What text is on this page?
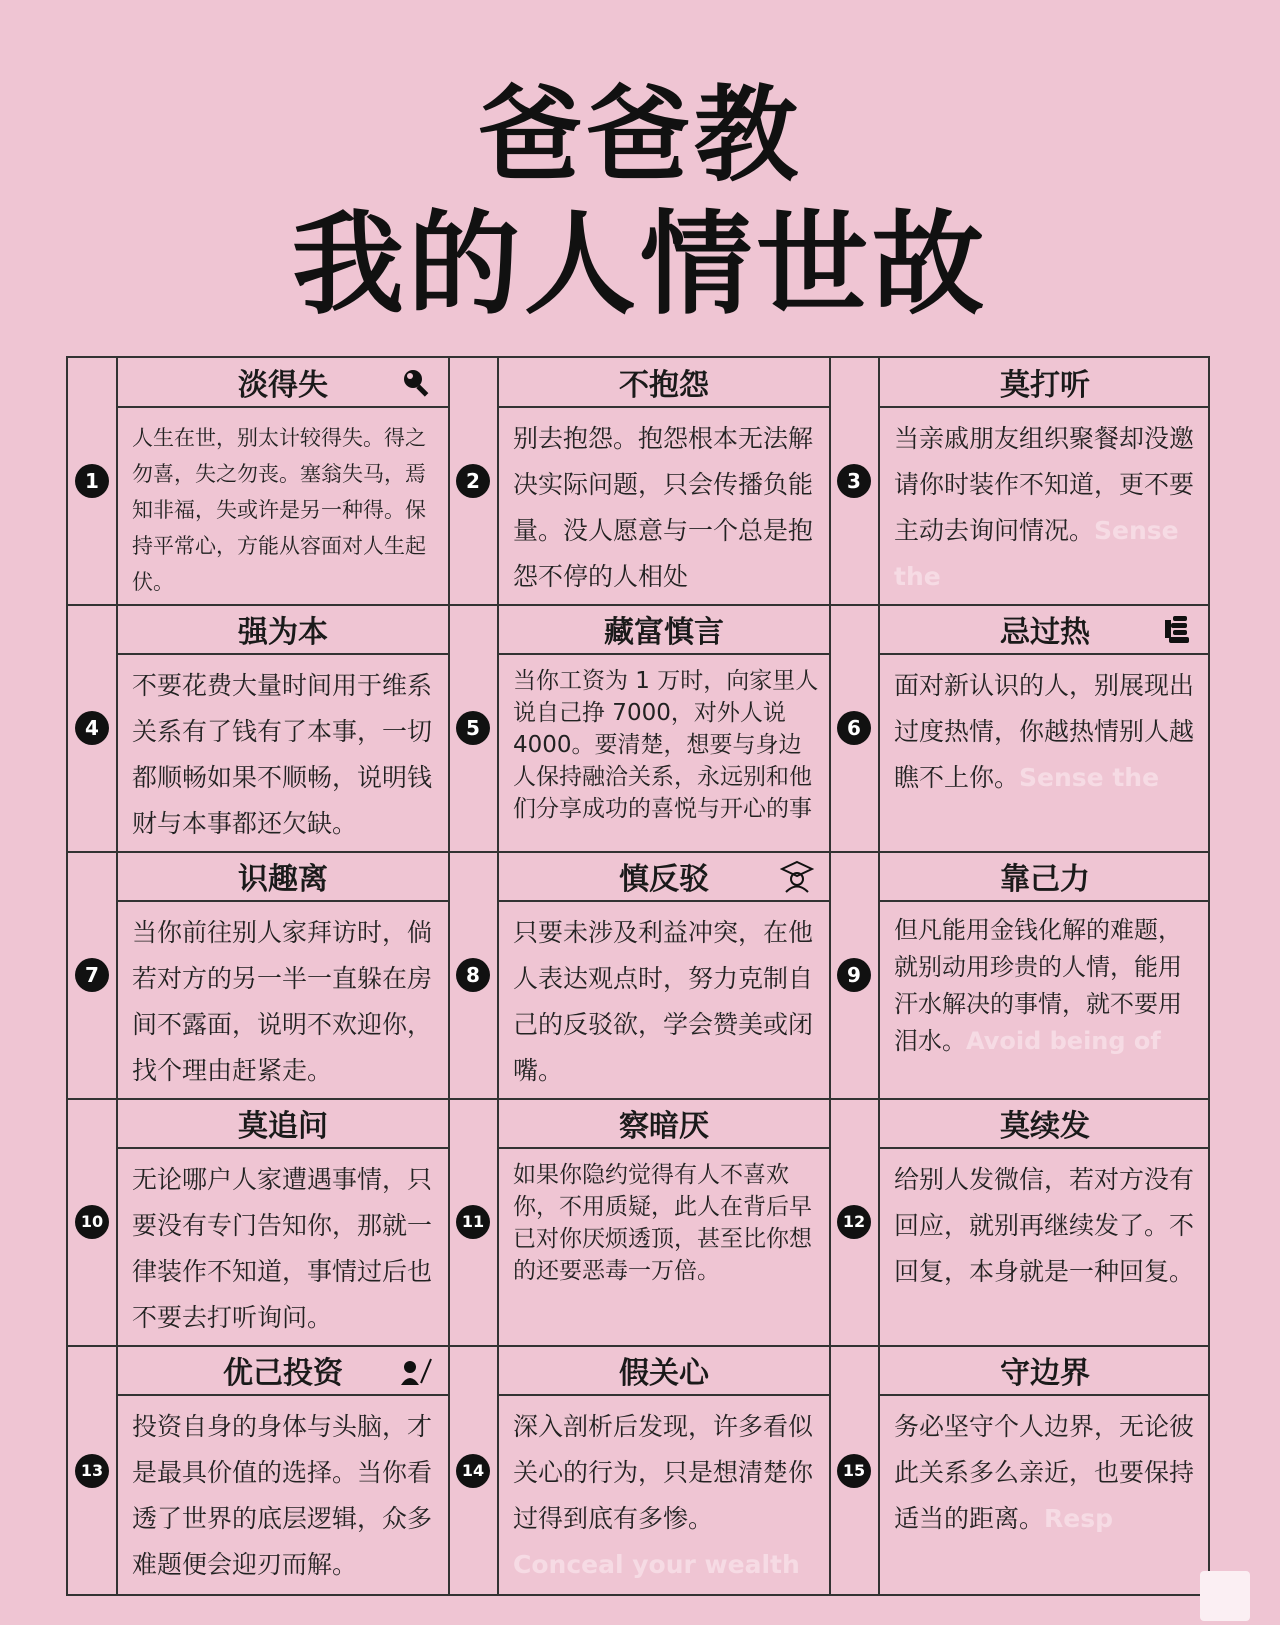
爸爸教
我的人情世故
1
淡得失
人生在世，别太计较得失。得之勿喜，失之勿丧。塞翁失马，焉知非福，失或许是另一种得。保持平常心，方能从容面对人生起伏。
2
不抱怨
别去抱怨。抱怨根本无法解决实际问题，只会传播负能量。没人愿意与一个总是抱怨不停的人相处
3
莫打听
当亲戚朋友组织聚餐却没邀请你时装作不知道，更不要主动去询问情况。Sense the
4
强为本
不要花费大量时间用于维系关系有了钱有了本事，一切都顺畅如果不顺畅，说明钱财与本事都还欠缺。
5
藏富慎言
当你工资为 1 万时，向家里人说自己挣 7000，对外人说 4000。要清楚，想要与身边人保持融洽关系，永远别和他们分享成功的喜悦与开心的事
6
忌过热
面对新认识的人，别展现出过度热情，你越热情别人越瞧不上你。Sense the
7
识趣离
当你前往别人家拜访时，倘若对方的另一半一直躲在房间不露面，说明不欢迎你，找个理由赶紧走。
8
慎反驳
只要未涉及利益冲突，在他人表达观点时，努力克制自己的反驳欲，学会赞美或闭嘴。
9
靠己力
但凡能用金钱化解的难题，就别动用珍贵的人情，能用汗水解决的事情，就不要用泪水。Avoid being of
10
莫追问
无论哪户人家遭遇事情，只要没有专门告知你，那就一律装作不知道，事情过后也不要去打听询问。
11
察暗厌
如果你隐约觉得有人不喜欢你，不用质疑，此人在背后早已对你厌烦透顶，甚至比你想的还要恶毒一万倍。
12
莫续发
给别人发微信，若对方没有回应，就别再继续发了。不回复，本身就是一种回复。
13
优己投资
投资自身的身体与头脑，才是最具价值的选择。当你看透了世界的底层逻辑，众多难题便会迎刃而解。
14
假关心
深入剖析后发现，许多看似关心的行为，只是想清楚你过得到底有多惨。Conceal your wealth
15
守边界
务必坚守个人边界，无论彼此关系多么亲近，也要保持适当的距离。Resp
